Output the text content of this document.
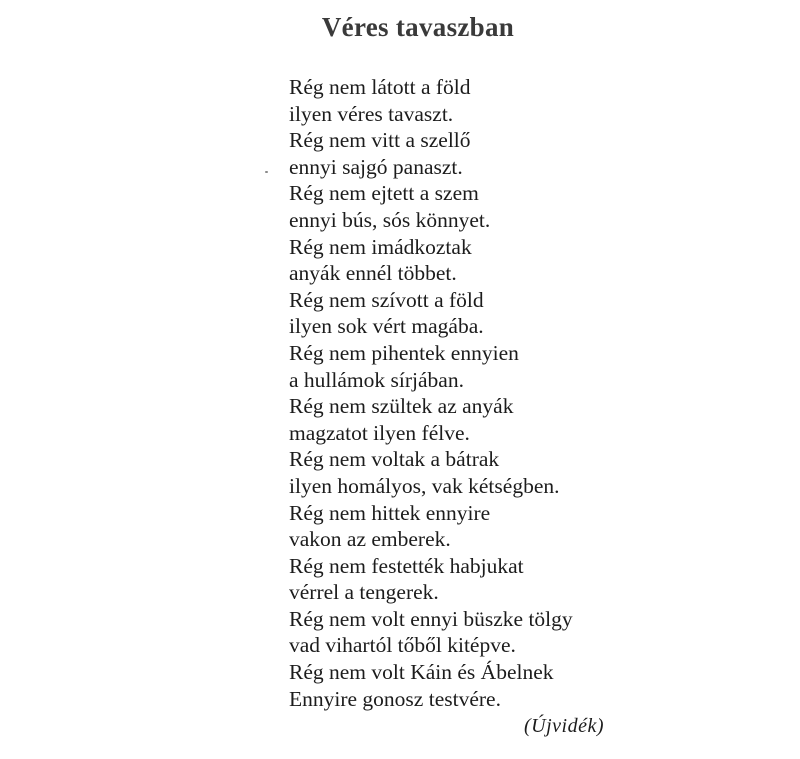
Véres tavaszban
Rég nem látott a föld
ilyen véres tavaszt.
Rég nem vitt a szellő
ennyi sajgó panaszt.
Rég nem ejtett a szem
ennyi bús, sós könnyet.
Rég nem imádkoztak
anyák ennél többet.
Rég nem szívott a föld
ilyen sok vért magába.
Rég nem pihentek ennyien
a hullámok sírjában.
Rég nem szültek az anyák
magzatot ilyen félve.
Rég nem voltak a bátrak
ilyen homályos, vak kétségben.
Rég nem hittek ennyire
vakon az emberek.
Rég nem festették habjukat
vérrel a tengerek.
Rég nem volt ennyi büszke tölgy
vad vihartól tőből kitépve.
Rég nem volt Káin és Ábelnek
Ennyire gonosz testvére.
(Újvidék)
